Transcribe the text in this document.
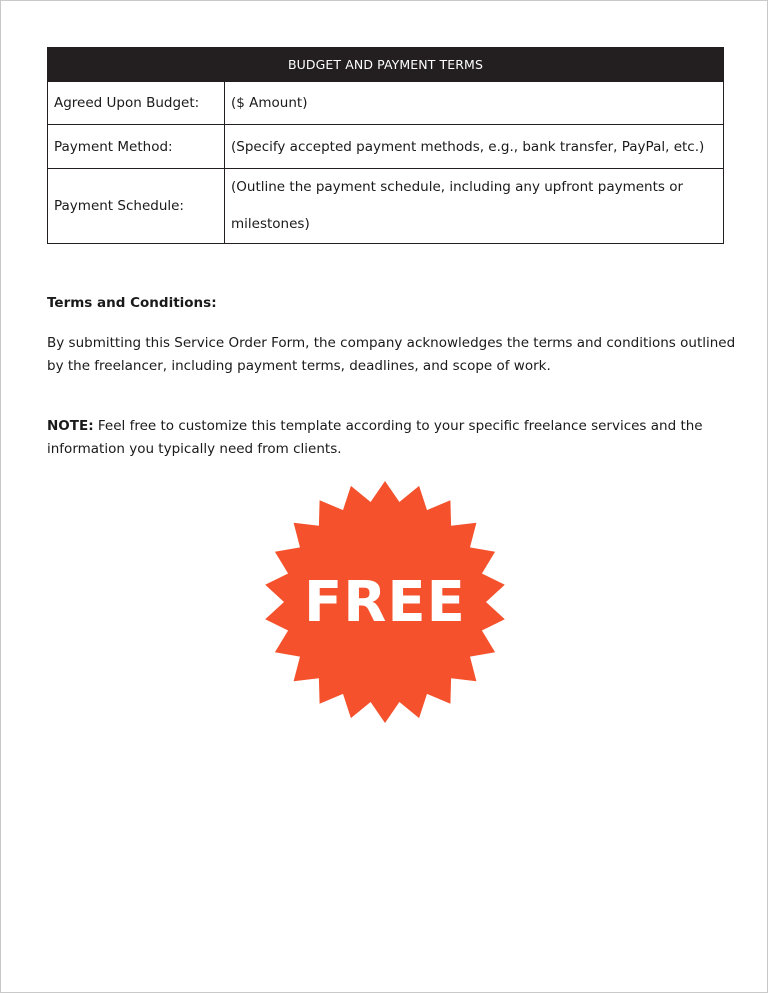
BUDGET AND PAYMENT TERMS	
Agreed Upon Budget:	($ Amount)
Payment Method:	(Specify accepted payment methods, e.g., bank transfer, PayPal, etc.)
Payment Schedule:	(Outline the payment schedule, including any upfront payments or milestones)

Terms and Conditions:

By submitting this Service Order Form, the company acknowledges the terms and conditions outlined by the freelancer, including payment terms, deadlines, and scope of work.

NOTE: Feel free to customize this template according to your specific freelance services and the information you typically need from clients.

FREE
